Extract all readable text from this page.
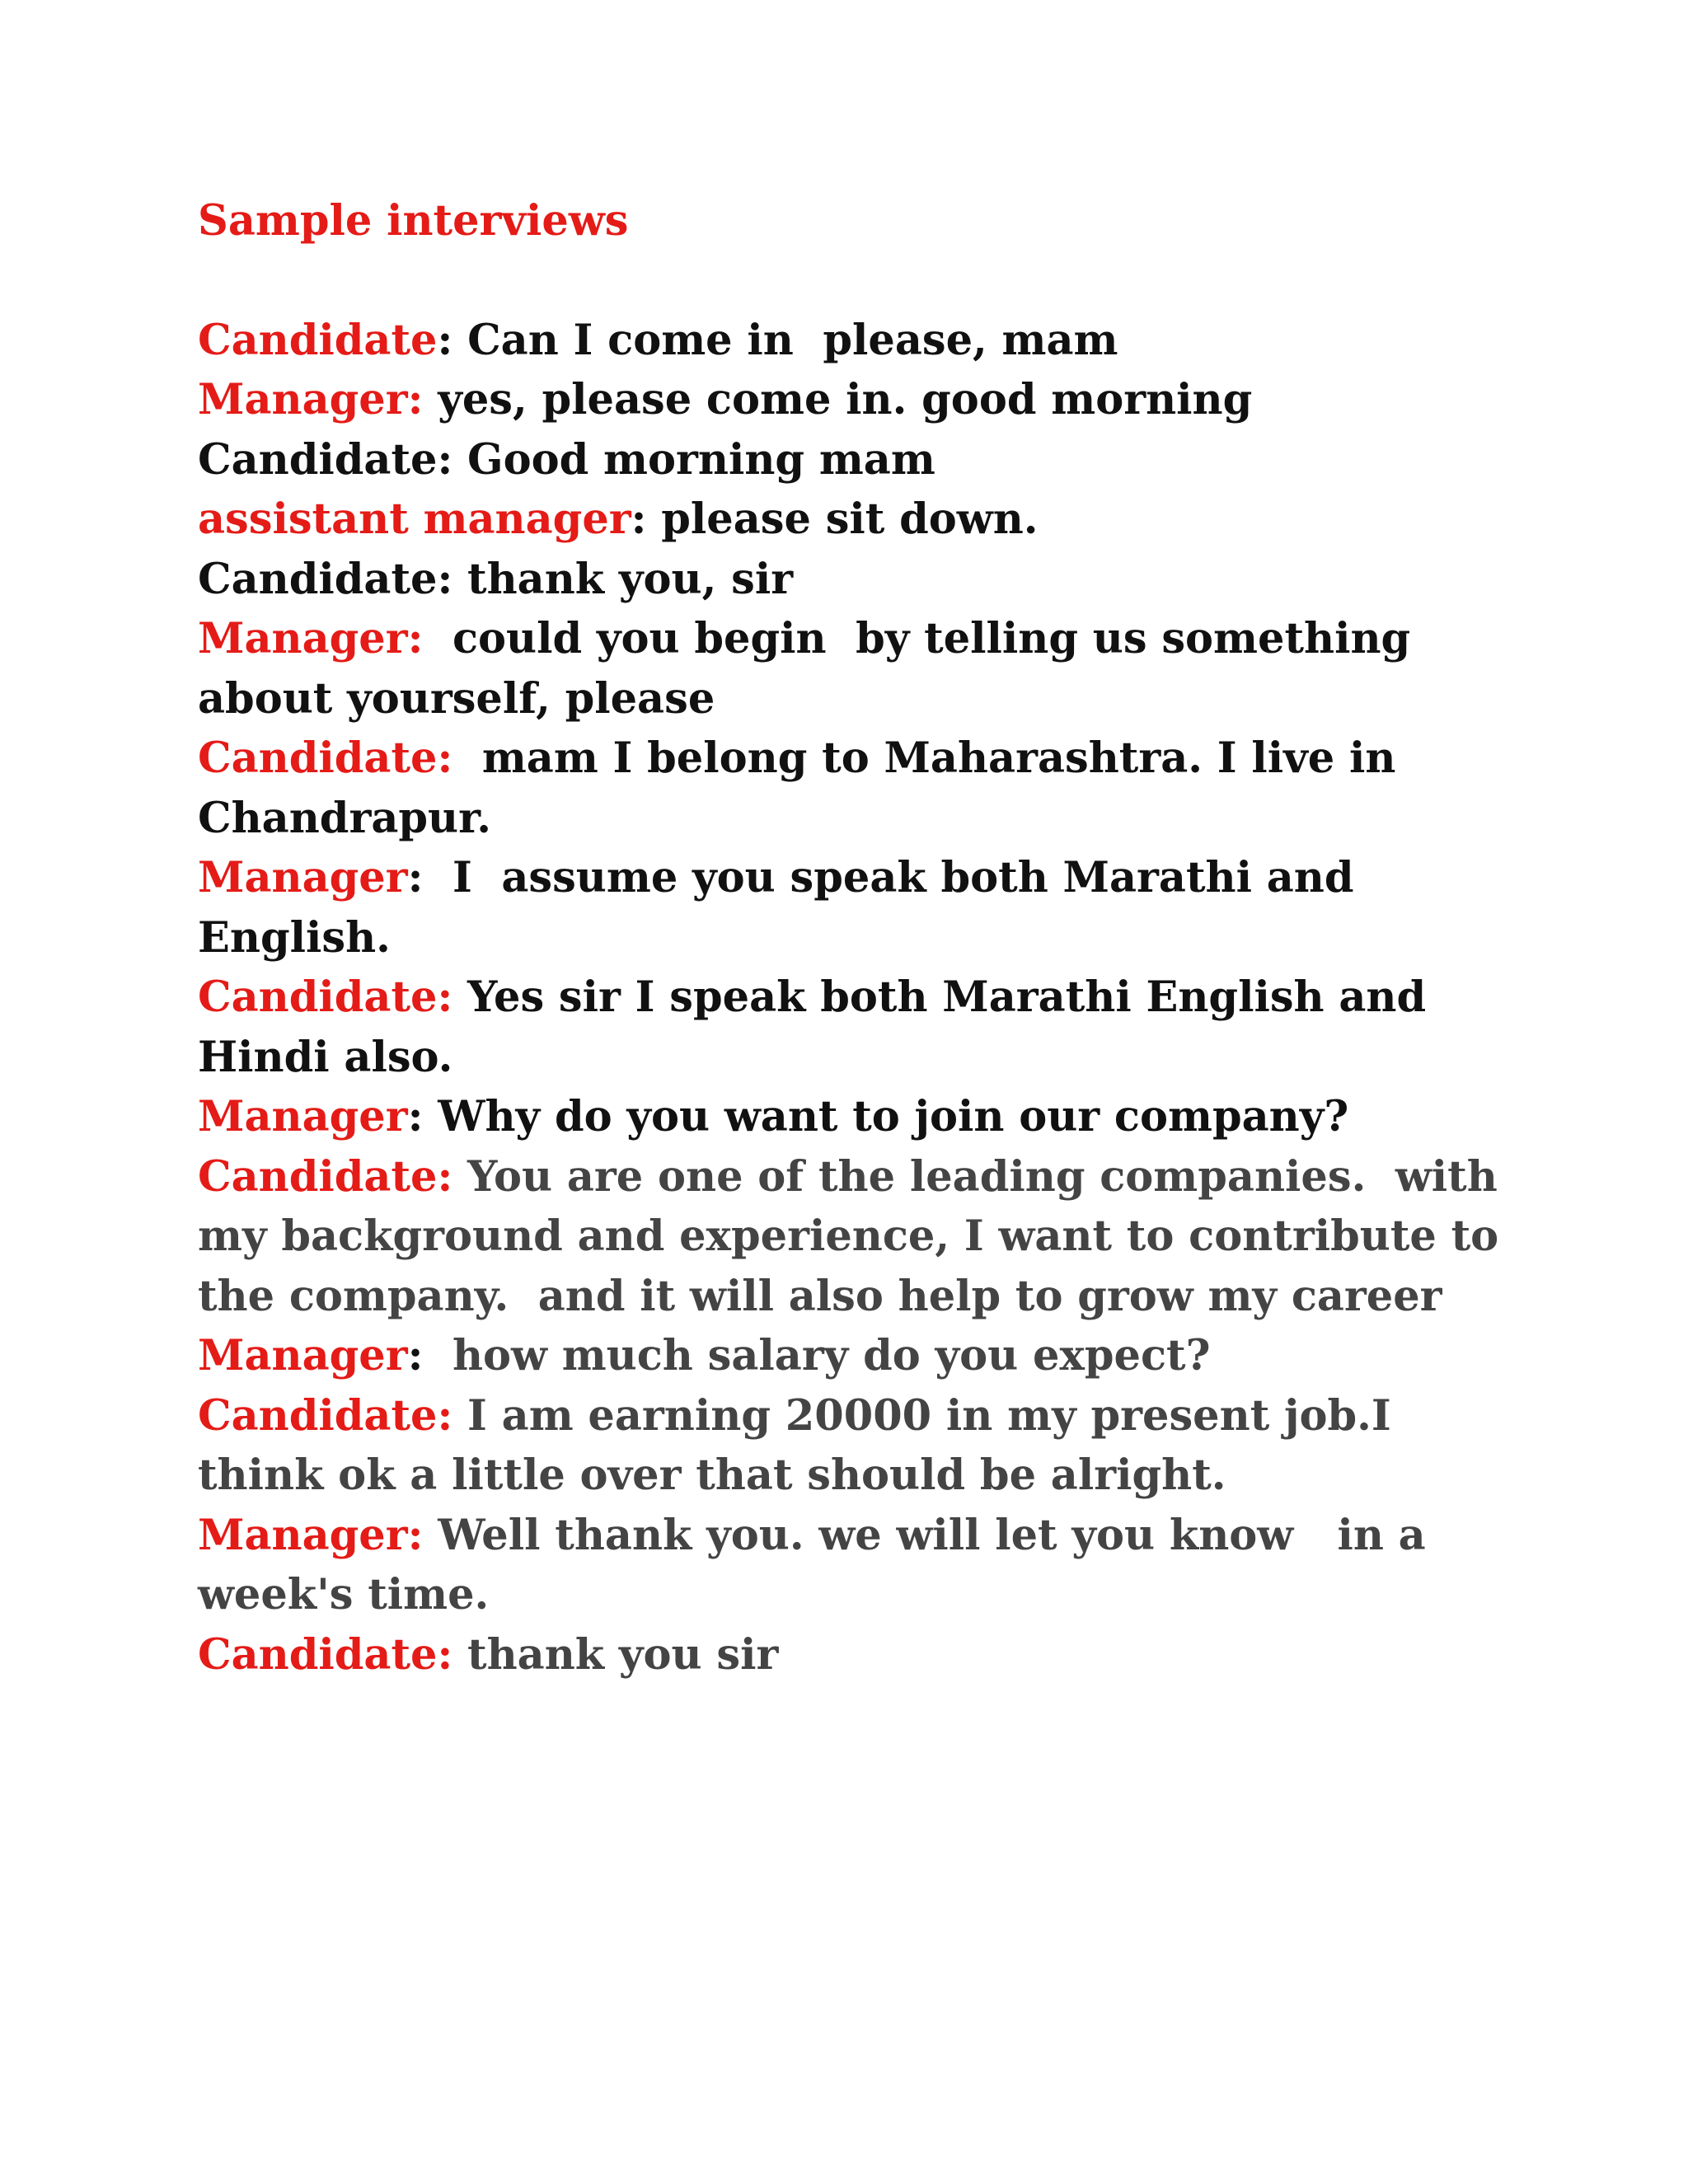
Sample interviews

Candidate: Can I come in  please, mam

Manager: yes, please come in. good morning

Candidate: Good morning mam

assistant manager: please sit down.

Candidate: thank you, sir

Manager:  could you begin  by telling us something about yourself, please

Candidate:  mam I belong to Maharashtra. I live in Chandrapur.

Manager:  I  assume you speak both Marathi and English.

Candidate: Yes sir I speak both Marathi English and Hindi also.

Manager: Why do you want to join our company?

Candidate: You are one of the leading companies.  with my background and experience, I want to contribute to the company.  and it will also help to grow my career

Manager:  how much salary do you expect?

Candidate: I am earning 20000 in my present job.I think ok a little over that should be alright.

Manager: Well thank you. we will let you know   in a week's time.

Candidate: thank you sir
